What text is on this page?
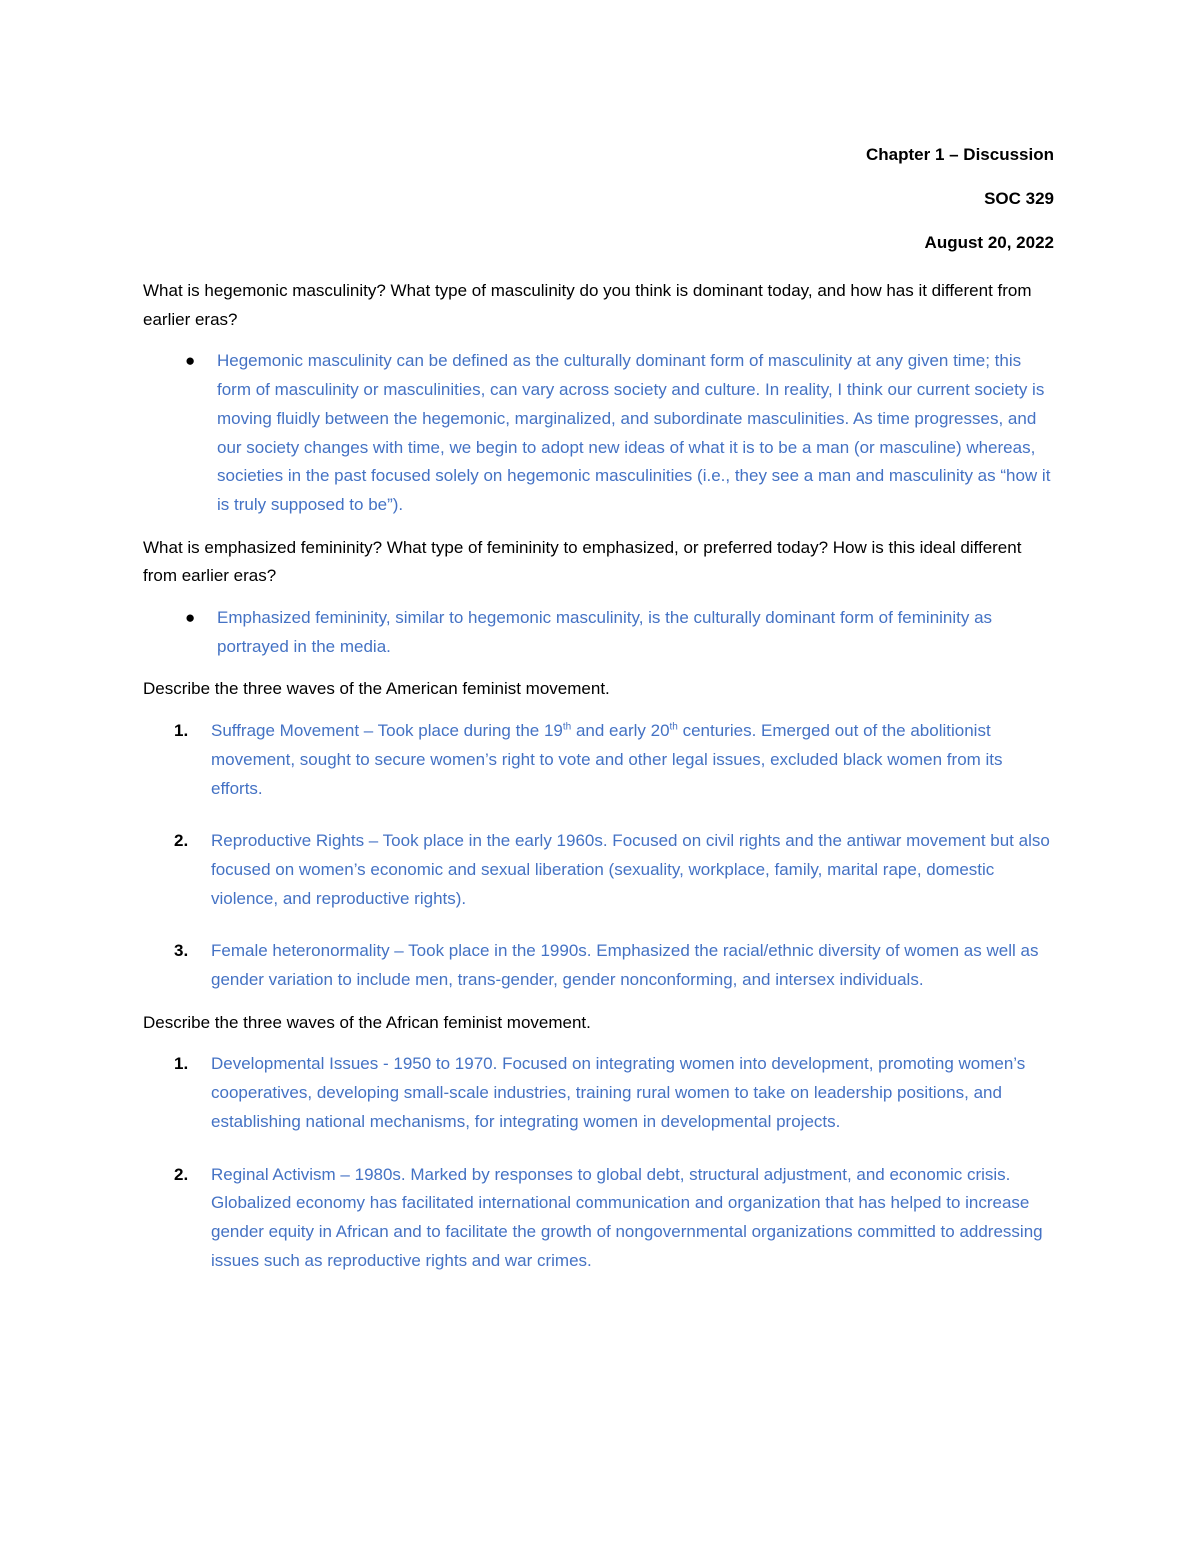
Chapter 1 – Discussion
SOC 329
August 20, 2022

What is hegemonic masculinity? What type of masculinity do you think is dominant today, and how has it different from earlier eras?

● Hegemonic masculinity can be defined as the culturally dominant form of masculinity at any given time; this form of masculinity or masculinities, can vary across society and culture. In reality, I think our current society is moving fluidly between the hegemonic, marginalized, and subordinate masculinities. As time progresses, and our society changes with time, we begin to adopt new ideas of what it is to be a man (or masculine) whereas, societies in the past focused solely on hegemonic masculinities (i.e., they see a man and masculinity as “how it is truly supposed to be”).

What is emphasized femininity? What type of femininity to emphasized, or preferred today? How is this ideal different from earlier eras?

● Emphasized femininity, similar to hegemonic masculinity, is the culturally dominant form of femininity as portrayed in the media.

Describe the three waves of the American feminist movement.

1. Suffrage Movement – Took place during the 19th and early 20th centuries. Emerged out of the abolitionist movement, sought to secure women’s right to vote and other legal issues, excluded black women from its efforts.
2. Reproductive Rights – Took place in the early 1960s. Focused on civil rights and the antiwar movement but also focused on women’s economic and sexual liberation (sexuality, workplace, family, marital rape, domestic violence, and reproductive rights).
3. Female heteronormality – Took place in the 1990s. Emphasized the racial/ethnic diversity of women as well as gender variation to include men, trans-gender, gender nonconforming, and intersex individuals.

Describe the three waves of the African feminist movement.

1. Developmental Issues - 1950 to 1970. Focused on integrating women into development, promoting women’s cooperatives, developing small-scale industries, training rural women to take on leadership positions, and establishing national mechanisms, for integrating women in developmental projects.
2. Reginal Activism – 1980s. Marked by responses to global debt, structural adjustment, and economic crisis. Globalized economy has facilitated international communication and organization that has helped to increase gender equity in African and to facilitate the growth of nongovernmental organizations committed to addressing issues such as reproductive rights and war crimes.
